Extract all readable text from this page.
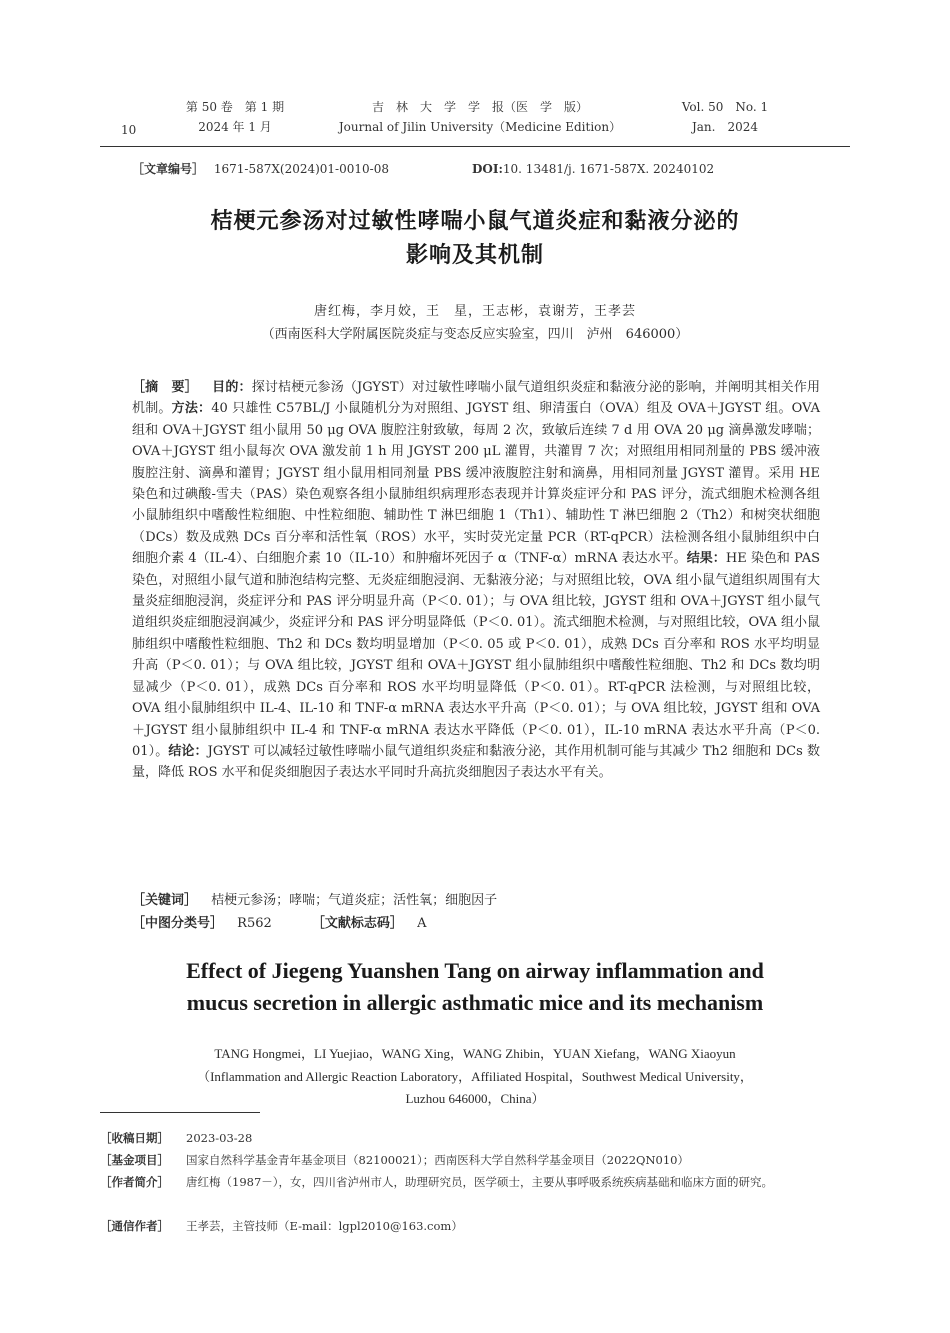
10
第 50 卷　第 1 期
2024 年 1 月
吉　林　大　学　学　报（医　学　版）
Journal of Jilin University（Medicine Edition）
Vol. 50　No. 1
Jan.　2024
［文章编号］ 1671-587X(2024)01-0010-08	DOI:10. 13481/j. 1671-587X. 20240102
桔梗元参汤对过敏性哮喘小鼠气道炎症和黏液分泌的
影响及其机制
唐红梅，李月姣，王　星，王志彬，袁谢芳，王孝芸
（西南医科大学附属医院炎症与变态反应实验室，四川　泸州　646000）
［摘　要］ 目的：探讨桔梗元参汤（JGYST）对过敏性哮喘小鼠气道组织炎症和黏液分泌的影响，并阐明其相关作用机制。方法：40 只雄性 C57BL/J 小鼠随机分为对照组、JGYST 组、卵清蛋白（OVA）组及 OVA＋JGYST 组。OVA 组和 OVA＋JGYST 组小鼠用 50 μg OVA 腹腔注射致敏，每周 2 次，致敏后连续 7 d 用 OVA 20 μg 滴鼻激发哮喘；OVA＋JGYST 组小鼠每次 OVA 激发前 1 h 用 JGYST 200 μL 灌胃，共灌胃 7 次；对照组用相同剂量的 PBS 缓冲液腹腔注射、滴鼻和灌胃；JGYST 组小鼠用相同剂量 PBS 缓冲液腹腔注射和滴鼻，用相同剂量 JGYST 灌胃。采用 HE 染色和过碘酸-雪夫（PAS）染色观察各组小鼠肺组织病理形态表现并计算炎症评分和 PAS 评分，流式细胞术检测各组小鼠肺组织中嗜酸性粒细胞、中性粒细胞、辅助性 T 淋巴细胞 1（Th1）、辅助性 T 淋巴细胞 2（Th2）和树突状细胞（DCs）数及成熟 DCs 百分率和活性氧（ROS）水平，实时荧光定量 PCR（RT-qPCR）法检测各组小鼠肺组织中白细胞介素 4（IL-4）、白细胞介素 10（IL-10）和肿瘤坏死因子 α（TNF-α）mRNA 表达水平。结果：HE 染色和 PAS 染色，对照组小鼠气道和肺泡结构完整、无炎症细胞浸润、无黏液分泌；与对照组比较，OVA 组小鼠气道组织周围有大量炎症细胞浸润，炎症评分和 PAS 评分明显升高（P＜0. 01）；与 OVA 组比较，JGYST 组和 OVA＋JGYST 组小鼠气道组织炎症细胞浸润减少，炎症评分和 PAS 评分明显降低（P＜0. 01）。流式细胞术检测，与对照组比较，OVA 组小鼠肺组织中嗜酸性粒细胞、Th2 和 DCs 数均明显增加（P＜0. 05 或 P＜0. 01），成熟 DCs 百分率和 ROS 水平均明显升高（P＜0. 01）；与 OVA 组比较，JGYST 组和 OVA＋JGYST 组小鼠肺组织中嗜酸性粒细胞、Th2 和 DCs 数均明显减少（P＜0. 01），成熟 DCs 百分率和 ROS 水平均明显降低（P＜0. 01）。RT-qPCR 法检测，与对照组比较，OVA 组小鼠肺组织中 IL-4、IL-10 和 TNF-α mRNA 表达水平升高（P＜0. 01）；与 OVA 组比较，JGYST 组和 OVA＋JGYST 组小鼠肺组织中 IL-4 和 TNF-α mRNA 表达水平降低（P＜0. 01），IL-10 mRNA 表达水平升高（P＜0. 01）。结论：JGYST 可以减轻过敏性哮喘小鼠气道组织炎症和黏液分泌，其作用机制可能与其减少 Th2 细胞和 DCs 数量，降低 ROS 水平和促炎细胞因子表达水平同时升高抗炎细胞因子表达水平有关。
［关键词］ 桔梗元参汤；哮喘；气道炎症；活性氧；细胞因子
［中图分类号］ R562	［文献标志码］ A
Effect of Jiegeng Yuanshen Tang on airway inflammation and
mucus secretion in allergic asthmatic mice and its mechanism
TANG Hongmei，LI Yuejiao，WANG Xing，WANG Zhibin，YUAN Xiefang，WANG Xiaoyun
（Inflammation and Allergic Reaction Laboratory，Affiliated Hospital，Southwest Medical University，
Luzhou 646000，China）
［收稿日期］	2023-03-28
［基金项目］	国家自然科学基金青年基金项目（82100021）；西南医科大学自然科学基金项目（2022QN010）
［作者简介］	唐红梅（1987－），女，四川省泸州市人，助理研究员，医学硕士，主要从事呼吸系统疾病基础和临床方面的研究。
［通信作者］	王孝芸，主管技师（E-mail：lgpl2010@163.com）
